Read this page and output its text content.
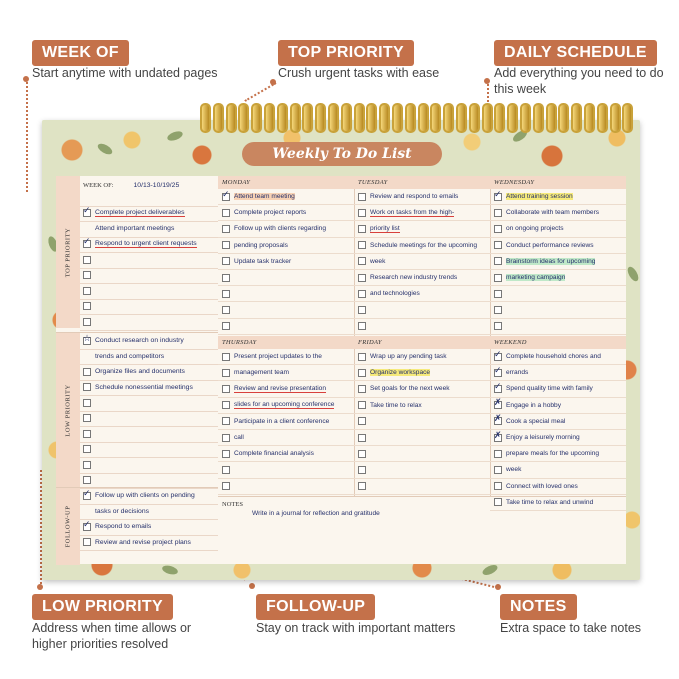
WEEK OF
Start anytime with undated pages
TOP PRIORITY
Crush urgent tasks with ease
DAILY SCHEDULE
Add everything you need to do this week
LOW PRIORITY
Address when time allows or higher priorities resolved
FOLLOW-UP
Stay on track with important matters
NOTES
Extra space to take notes
Weekly To Do List
TOP PRIORITY
WEEK OF:	10/13-10/19/25
✓ Complete project deliverables
Attend important meetings
✓ Respond to urgent client requests
LOW PRIORITY
☆ Conduct research on industry
trends and competitors
Organize files and documents
Schedule nonessential meetings
FOLLOW-UP
✓ Follow up with clients on pending
tasks or decisions
✓ Respond to emails
Review and revise project plans
MONDAY
✓ Attend team meeting
Complete project reports
Follow up with clients regarding
pending proposals
Update task tracker
TUESDAY
Review and respond to emails
Work on tasks from the high-
priority list
Schedule meetings for the upcoming
week
Research new industry trends
and technologies
WEDNESDAY
✓ Attend training session
Collaborate with team members
on ongoing projects
Conduct performance reviews
Brainstorm ideas for upcoming
marketing campaign
THURSDAY
Present project updates to the
management team
Review and revise presentation
slides for an upcoming conference
Participate in a client conference
call
Complete financial analysis
FRIDAY
Wrap up any pending task
Organize workspace
Set goals for the next week
Take time to relax
WEEKEND
✓ Complete household chores and
✓ errands
✓ Spend quality time with family
✗ Engage in a hobby
✗ Cook a special meal
✗ Enjoy a leisurely morning
prepare meals for the upcoming
week
Connect with loved ones
Take time to relax and unwind
NOTES
Write in a journal for reflection and gratitude
